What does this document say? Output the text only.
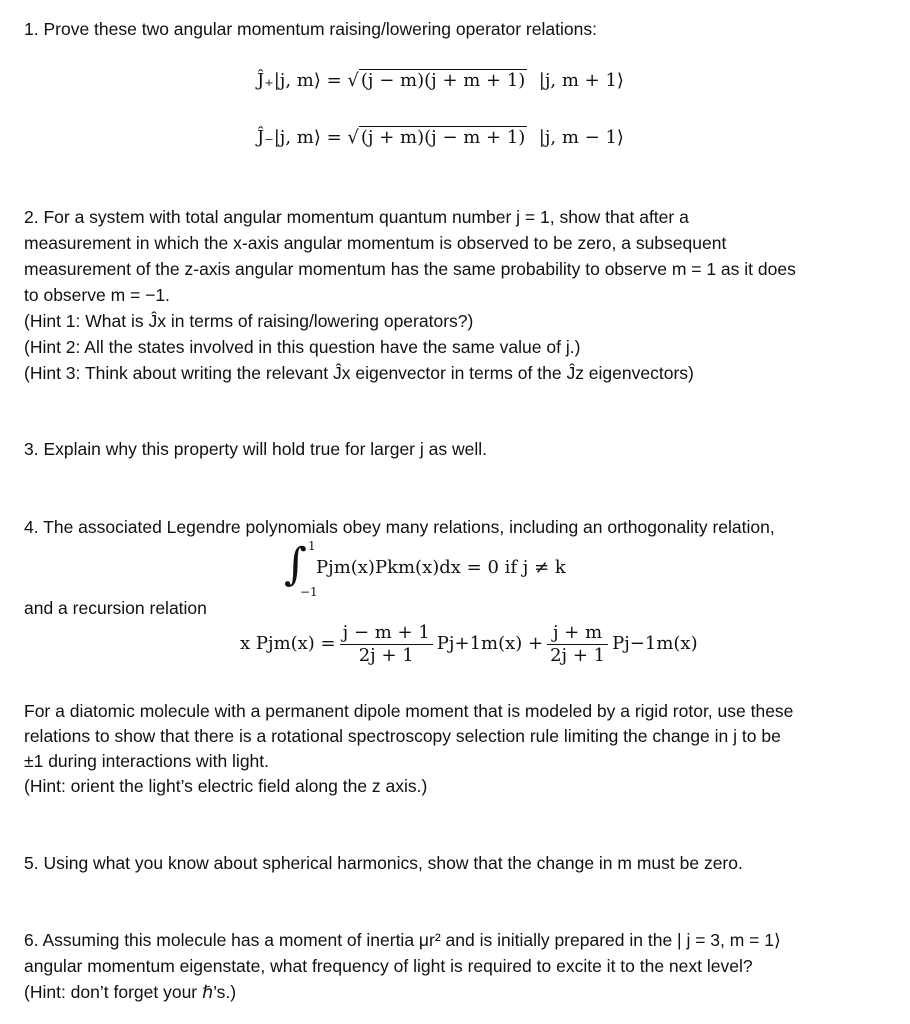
1. Prove these two angular momentum raising/lowering operator relations:
Ĵ₊|j, m⟩ = √ (j − m)(j + m + 1) |j, m + 1⟩
Ĵ₋|j, m⟩ = √ (j + m)(j − m + 1) |j, m − 1⟩
2. For a system with total angular momentum quantum number j = 1, show that after a
measurement in which the x-axis angular momentum is observed to be zero, a subsequent
measurement of the z-axis angular momentum has the same probability to observe m = 1 as it does
to observe m = −1.
(Hint 1: What is Ĵx in terms of raising/lowering operators?)
(Hint 2: All the states involved in this question have the same value of j.)
(Hint 3: Think about writing the relevant Ĵx eigenvector in terms of the Ĵz eigenvectors)
3. Explain why this property will hold true for larger j as well.
4. The associated Legendre polynomials obey many relations, including an orthogonality relation,
∫ 1
−1
Pjm(x)Pkm(x)dx = 0 if j ≠ k
and a recursion relation
x $Pjm(x) = \frac{j - m + 1}{2j + 1} Pj+1m(x) + \frac{j + m}{2j + 1} Pj-1m(x)$
For a diatomic molecule with a permanent dipole moment that is modeled by a rigid rotor, use these
relations to show that there is a rotational spectroscopy selection rule limiting the change in j to be
±1 during interactions with light.
(Hint: orient the light’s electric field along the z axis.)
5. Using what you know about spherical harmonics, show that the change in m must be zero.
6. Assuming this molecule has a moment of inertia μr² and is initially prepared in the | j = 3, m = 1⟩
angular momentum eigenstate, what frequency of light is required to excite it to the next level?
(Hint: don’t forget your ℏ’s.)
